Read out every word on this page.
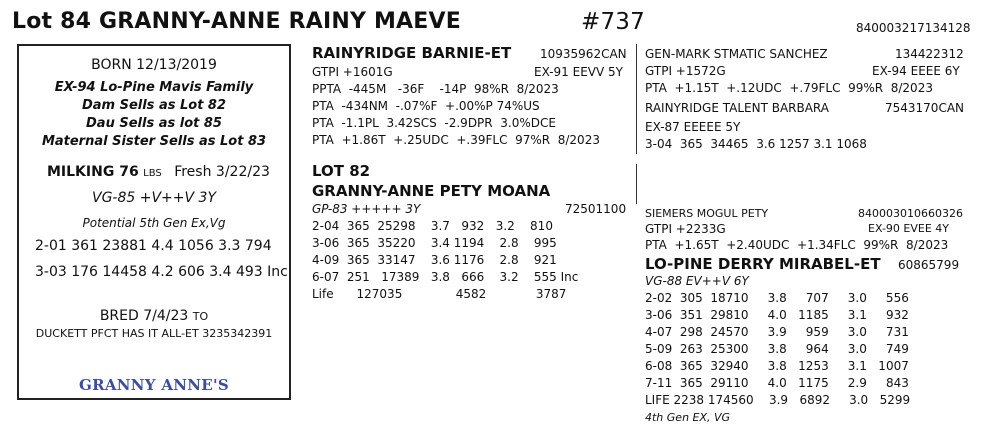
Lot 84 GRANNY-ANNE RAINY MAEVE	#737	840003217134128
BORN 12/13/2019
EX-94 Lo-Pine Mavis Family
Dam Sells as Lot 82
Dau Sells as lot 85
Maternal Sister Sells as Lot 83
MILKING 76 LBS Fresh 3/22/23
VG-85 +V++V 3Y
Potential 5th Gen Ex,Vg
2-01 361 23881 4.4 1056 3.3 794
3-03 176 14458 4.2 606 3.4 493 Inc
BRED 7/4/23 TO
DUCKETT PFCT HAS IT ALL-ET 3235342391
GRANNY ANNE'S
RAINYRIDGE BARNIE-ET 10935962CAN
GTPI +1601G	EX-91 EEVV 5Y
PPTA  -445M   -36F    -14P  98%R  8/2023
PTA  -434NM  -.07%F  +.00%P 74%US
PTA  -1.1PL  3.42SCS  -2.9DPR  3.0%DCE
PTA  +1.86T  +.25UDC  +.39FLC  97%R  8/2023
LOT 82
GRANNY-ANNE PETY MOANA
GP-83 +++++ 3Y	72501100
2-04  365  25298    3.7   932   3.2    810
3-06  365  35220    3.4 1194    2.8    995
4-09  365  33147    3.6 1176    2.8    921
6-07  251   17389   3.8   666    3.2    555 Inc
Life      127035              4582             3787
GEN-MARK STMATIC SANCHEZ	134422312
GTPI +1572G	EX-94 EEEE 6Y
PTA  +1.15T  +.12UDC  +.79FLC  99%R  8/2023
RAINYRIDGE TALENT BARBARA	7543170CAN
EX-87 EEEEE 5Y
3-04  365  34465  3.6 1257 3.1 1068
SIEMERS MOGUL PETY	840003010660326
GTPI +2233G	EX-90 EVEE 4Y
PTA  +1.65T  +2.40UDC  +1.34FLC  99%R  8/2023
LO-PINE DERRY MIRABEL-ET 60865799
VG-88 EV++V 6Y
2-02  305  18710     3.8     707     3.0     556
3-06  351  29810     4.0   1185     3.1     932
4-07  298  24570     3.9     959     3.0     731
5-09  263  25300     3.8     964     3.0     749
6-08  365  32940     3.8   1253     3.1   1007
7-11  365  29110     4.0   1175     2.9     843
LIFE 2238 174560    3.9   6892     3.0   5299
4th Gen EX, VG
